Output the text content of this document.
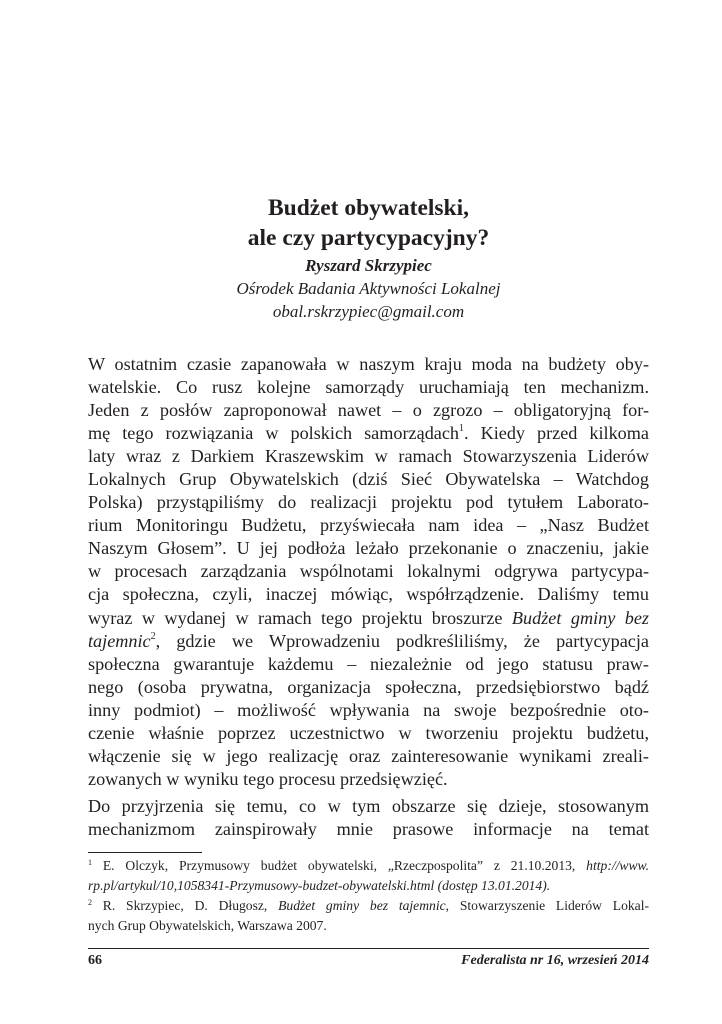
Budżet obywatelski,
ale czy partycypacyjny?
Ryszard Skrzypiec
Ośrodek Badania Aktywności Lokalnej
obal.rskrzypiec@gmail.com
W ostatnim czasie zapanowała w naszym kraju moda na budżety oby-
watelskie. Co rusz kolejne samorządy uruchamiają ten mechanizm.
Jeden z posłów zaproponował nawet – o zgrozo – obligatoryjną for-
mę tego rozwiązania w polskich samorządach$^1$. Kiedy przed kilkoma
laty wraz z Darkiem Kraszewskim w ramach Stowarzyszenia Liderów
Lokalnych Grup Obywatelskich (dziś Sieć Obywatelska – Watchdog
Polska) przystąpiliśmy do realizacji projektu pod tytułem Laborato-
rium Monitoringu Budżetu, przyświecała nam idea – „Nasz Budżet
Naszym Głosem”. U jej podłoża leżało przekonanie o znaczeniu, jakie
w procesach zarządzania wspólnotami lokalnymi odgrywa partycypa-
cja społeczna, czyli, inaczej mówiąc, współrządzenie. Daliśmy temu
wyraz w wydanej w ramach tego projektu broszurze Budżet gminy bez
tajemnic$^2$, gdzie we Wprowadzeniu podkreśliliśmy, że partycypacja
społeczna gwarantuje każdemu – niezależnie od jego statusu praw-
nego (osoba prywatna, organizacja społeczna, przedsiębiorstwo bądź
inny podmiot) – możliwość wpływania na swoje bezpośrednie oto-
czenie właśnie poprzez uczestnictwo w tworzeniu projektu budżetu,
włączenie się w jego realizację oraz zainteresowanie wynikami zreali-
zowanych w wyniku tego procesu przedsięwzięć.
Do przyjrzenia się temu, co w tym obszarze się dzieje, stosowanym
mechanizmom zainspirowały mnie prasowe informacje na temat
$^1$ E. Olczyk, Przymusowy budżet obywatelski, „Rzeczpospolita” z 21.10.2013, http://www.
rp.pl/artykul/10,1058341-Przymusowy-budzet-obywatelski.html (dostęp 13.01.2014).
$^2$ R. Skrzypiec, D. Długosz, Budżet gminy bez tajemnic, Stowarzyszenie Liderów Lokal-
nych Grup Obywatelskich, Warszawa 2007.
66	Federalista nr 16, wrzesień 2014
